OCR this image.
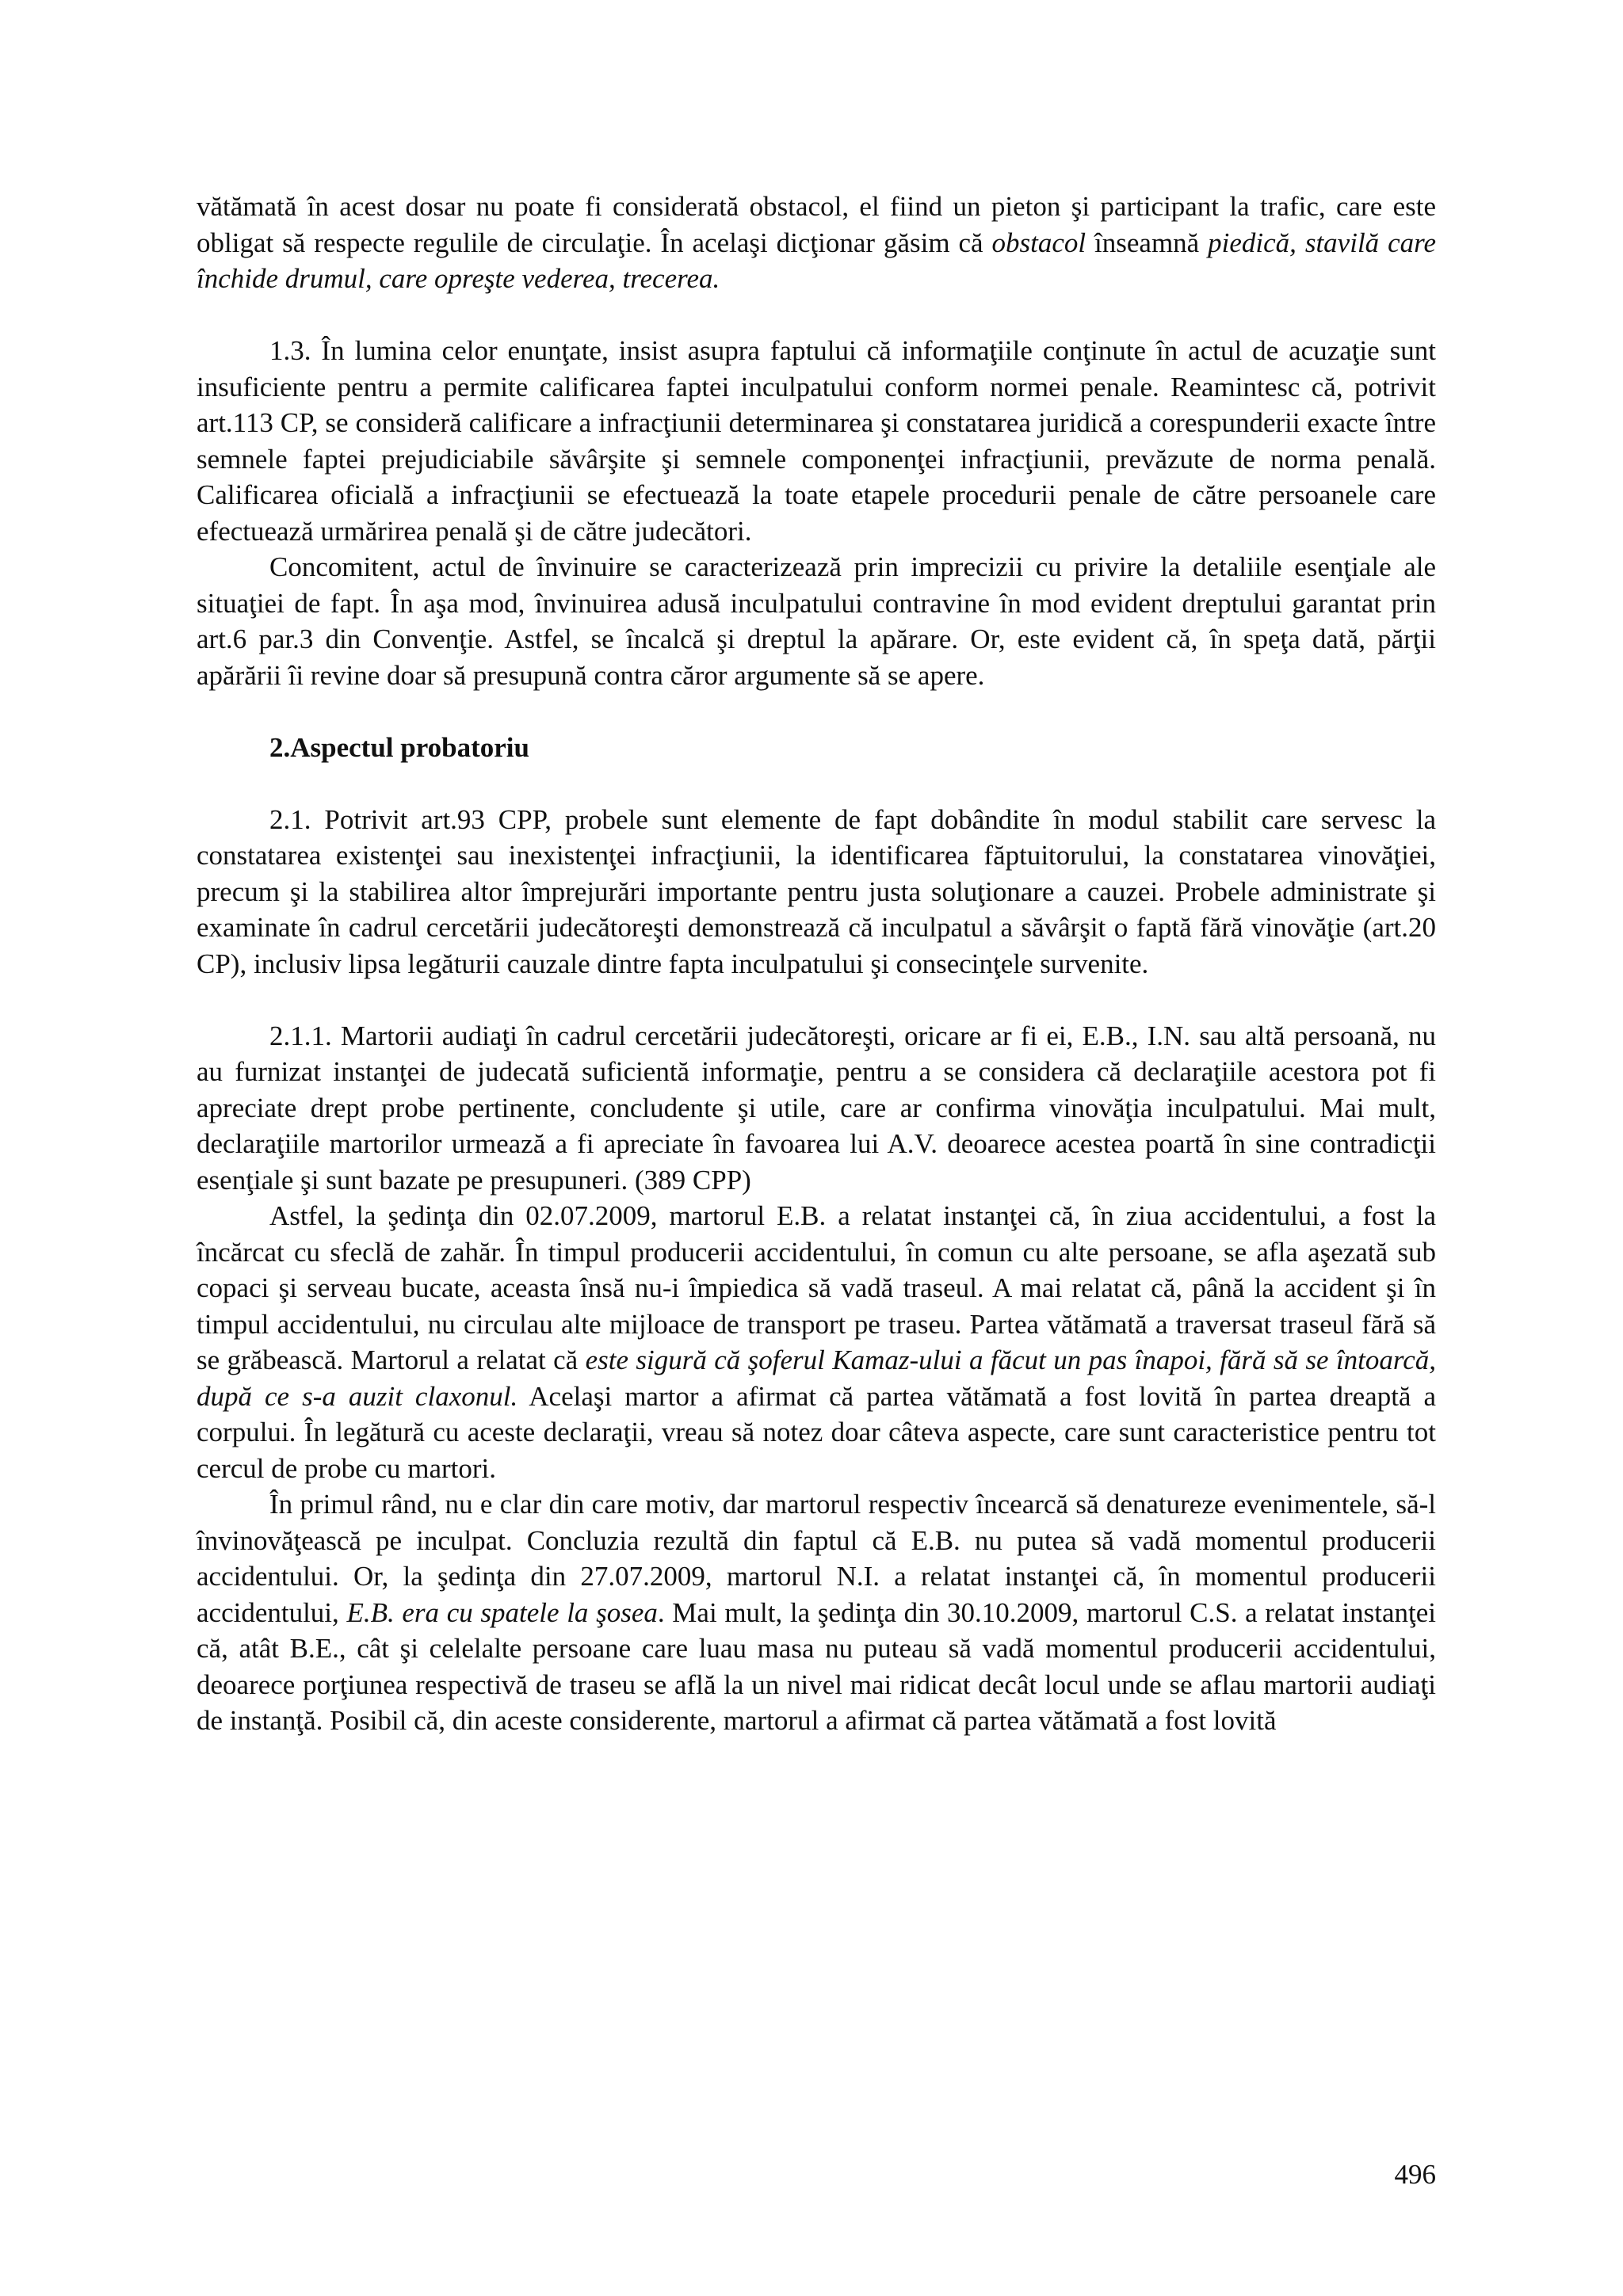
vătămată în acest dosar nu poate fi considerată obstacol, el fiind un pieton şi participant la trafic, care este obligat să respecte regulile de circulaţie. În acelaşi dicţionar găsim că obstacol înseamnă piedică, stavilă care închide drumul, care opreşte vederea, trecerea.

1.3. În lumina celor enunţate, insist asupra faptului că informaţiile conţinute în actul de acuzaţie sunt insuficiente pentru a permite calificarea faptei inculpatului conform normei penale. Reamintesc că, potrivit art.113 CP, se consideră calificare a infracţiunii determinarea şi constatarea juridică a corespunderii exacte între semnele faptei prejudiciabile săvârşite şi semnele componenţei infracţiunii, prevăzute de norma penală. Calificarea oficială a infracţiunii se efectuează la toate etapele procedurii penale de către persoanele care efectuează urmărirea penală şi de către judecători.

Concomitent, actul de învinuire se caracterizează prin imprecizii cu privire la detaliile esenţiale ale situaţiei de fapt. În aşa mod, învinuirea adusă inculpatului contravine în mod evident dreptului garantat prin art.6 par.3 din Convenţie. Astfel, se încalcă şi dreptul la apărare. Or, este evident că, în speţa dată, părţii apărării îi revine doar să presupună contra căror argumente să se apere.

2.Aspectul probatoriu

2.1. Potrivit art.93 CPP, probele sunt elemente de fapt dobândite în modul stabilit care servesc la constatarea existenţei sau inexistenţei infracţiunii, la identificarea făptuitorului, la constatarea vinovăţiei, precum şi la stabilirea altor împrejurări importante pentru justa soluţionare a cauzei. Probele administrate şi examinate în cadrul cercetării judecătoreşti demonstrează că inculpatul a săvârşit o faptă fără vinovăţie (art.20 CP), inclusiv lipsa legăturii cauzale dintre fapta inculpatului şi consecinţele survenite.

2.1.1. Martorii audiaţi în cadrul cercetării judecătoreşti, oricare ar fi ei, E.B., I.N. sau altă persoană, nu au furnizat instanţei de judecată suficientă informaţie, pentru a se considera că declaraţiile acestora pot fi apreciate drept probe pertinente, concludente şi utile, care ar confirma vinovăţia inculpatului. Mai mult, declaraţiile martorilor urmează a fi apreciate în favoarea lui A.V. deoarece acestea poartă în sine contradicţii esenţiale şi sunt bazate pe presupuneri. (389 CPP)

Astfel, la şedinţa din 02.07.2009, martorul E.B. a relatat instanţei că, în ziua accidentului, a fost la încărcat cu sfeclă de zahăr. În timpul producerii accidentului, în comun cu alte persoane, se afla aşezată sub copaci şi serveau bucate, aceasta însă nu-i împiedica să vadă traseul. A mai relatat că, până la accident şi în timpul accidentului, nu circulau alte mijloace de transport pe traseu. Partea vătămată a traversat traseul fără să se grăbească. Martorul a relatat că este sigură că şoferul Kamaz-ului a făcut un pas înapoi, fără să se întoarcă, după ce s-a auzit claxonul. Acelaşi martor a afirmat că partea vătămată a fost lovită în partea dreaptă a corpului. În legătură cu aceste declaraţii, vreau să notez doar câteva aspecte, care sunt caracteristice pentru tot cercul de probe cu martori.

În primul rând, nu e clar din care motiv, dar martorul respectiv încearcă să denatureze evenimentele, să-l învinovăţească pe inculpat. Concluzia rezultă din faptul că E.B. nu putea să vadă momentul producerii accidentului. Or, la şedinţa din 27.07.2009, martorul N.I. a relatat instanţei că, în momentul producerii accidentului, E.B. era cu spatele la şosea. Mai mult, la şedinţa din 30.10.2009, martorul C.S. a relatat instanţei că, atât B.E., cât şi celelalte persoane care luau masa nu puteau să vadă momentul producerii accidentului, deoarece porţiunea respectivă de traseu se află la un nivel mai ridicat decât locul unde se aflau martorii audiaţi de instanţă. Posibil că, din aceste considerente, martorul a afirmat că partea vătămată a fost lovită

496
